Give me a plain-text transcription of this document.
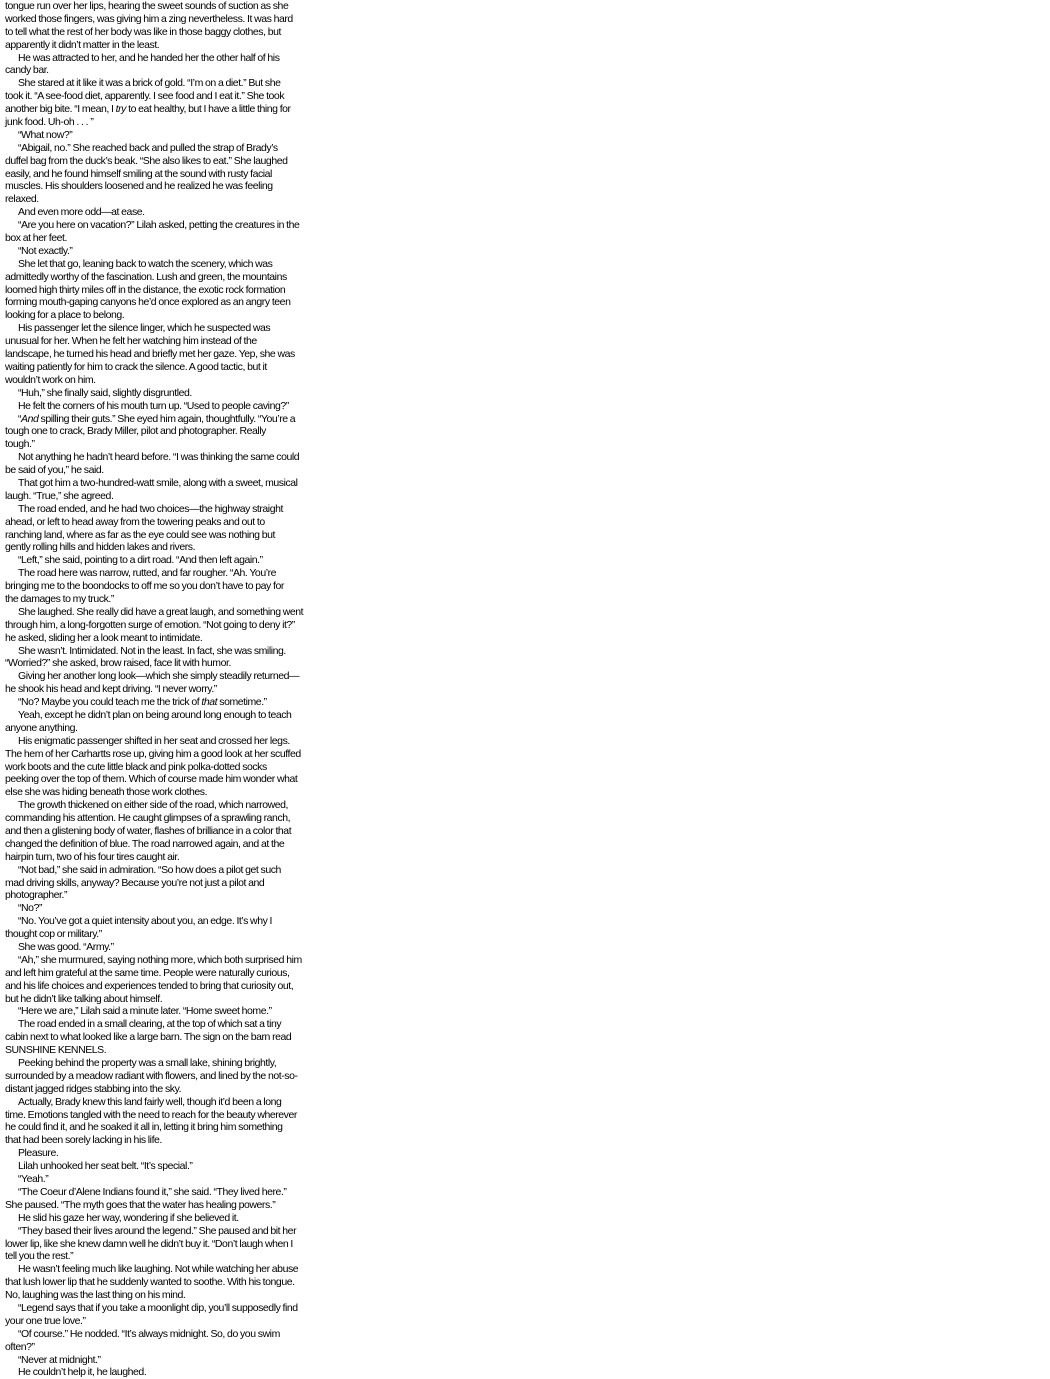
tongue run over her lips, hearing the sweet sounds of suction as she
worked those fingers, was giving him a zing nevertheless. It was hard
to tell what the rest of her body was like in those baggy clothes, but
apparently it didn’t matter in the least.
He was attracted to her, and he handed her the other half of his
candy bar.
She stared at it like it was a brick of gold. “I’m on a diet.” But she
took it. “A see-food diet, apparently. I see food and I eat it.” She took
another big bite. “I mean, I try to eat healthy, but I have a little thing for
junk food. Uh-oh . . . ”
“What now?”
“Abigail, no.” She reached back and pulled the strap of Brady’s
duffel bag from the duck’s beak. “She also likes to eat.” She laughed
easily, and he found himself smiling at the sound with rusty facial
muscles. His shoulders loosened and he realized he was feeling
relaxed.
And even more odd—at ease.
“Are you here on vacation?” Lilah asked, petting the creatures in the
box at her feet.
“Not exactly.”
She let that go, leaning back to watch the scenery, which was
admittedly worthy of the fascination. Lush and green, the mountains
loomed high thirty miles off in the distance, the exotic rock formation
forming mouth-gaping canyons he’d once explored as an angry teen
looking for a place to belong.
His passenger let the silence linger, which he suspected was
unusual for her. When he felt her watching him instead of the
landscape, he turned his head and briefly met her gaze. Yep, she was
waiting patiently for him to crack the silence. A good tactic, but it
wouldn’t work on him.
“Huh,” she finally said, slightly disgruntled.
He felt the corners of his mouth turn up. “Used to people caving?”
“And spilling their guts.” She eyed him again, thoughtfully. “You’re a
tough one to crack, Brady Miller, pilot and photographer. Really
tough.”
Not anything he hadn’t heard before. “I was thinking the same could
be said of you,” he said.
That got him a two-hundred-watt smile, along with a sweet, musical
laugh. “True,” she agreed.
The road ended, and he had two choices—the highway straight
ahead, or left to head away from the towering peaks and out to
ranching land, where as far as the eye could see was nothing but
gently rolling hills and hidden lakes and rivers.
“Left,” she said, pointing to a dirt road. “And then left again.”
The road here was narrow, rutted, and far rougher. “Ah. You’re
bringing me to the boondocks to off me so you don’t have to pay for
the damages to my truck.”
She laughed. She really did have a great laugh, and something went
through him, a long-forgotten surge of emotion. “Not going to deny it?”
he asked, sliding her a look meant to intimidate.
She wasn’t. Intimidated. Not in the least. In fact, she was smiling.
“Worried?” she asked, brow raised, face lit with humor.
Giving her another long look—which she simply steadily returned—
he shook his head and kept driving. “I never worry.”
“No? Maybe you could teach me the trick of that sometime.”
Yeah, except he didn’t plan on being around long enough to teach
anyone anything.
His enigmatic passenger shifted in her seat and crossed her legs.
The hem of her Carhartts rose up, giving him a good look at her scuffed
work boots and the cute little black and pink polka-dotted socks
peeking over the top of them. Which of course made him wonder what
else she was hiding beneath those work clothes.
The growth thickened on either side of the road, which narrowed,
commanding his attention. He caught glimpses of a sprawling ranch,
and then a glistening body of water, flashes of brilliance in a color that
changed the definition of blue. The road narrowed again, and at the
hairpin turn, two of his four tires caught air.
“Not bad,” she said in admiration. “So how does a pilot get such
mad driving skills, anyway? Because you’re not just a pilot and
photographer.”
“No?”
“No. You’ve got a quiet intensity about you, an edge. It’s why I
thought cop or military.”
She was good. “Army.”
“Ah,” she murmured, saying nothing more, which both surprised him
and left him grateful at the same time. People were naturally curious,
and his life choices and experiences tended to bring that curiosity out,
but he didn’t like talking about himself.
“Here we are,” Lilah said a minute later. “Home sweet home.”
The road ended in a small clearing, at the top of which sat a tiny
cabin next to what looked like a large barn. The sign on the barn read
SUNSHINE KENNELS.
Peeking behind the property was a small lake, shining brightly,
surrounded by a meadow radiant with flowers, and lined by the not-so-
distant jagged ridges stabbing into the sky.
Actually, Brady knew this land fairly well, though it’d been a long
time. Emotions tangled with the need to reach for the beauty wherever
he could find it, and he soaked it all in, letting it bring him something
that had been sorely lacking in his life.
Pleasure.
Lilah unhooked her seat belt. “It’s special.”
“Yeah.”
“The Coeur d’Alene Indians found it,” she said. “They lived here.”
She paused. “The myth goes that the water has healing powers.”
He slid his gaze her way, wondering if she believed it.
“They based their lives around the legend.” She paused and bit her
lower lip, like she knew damn well he didn’t buy it. “Don’t laugh when I
tell you the rest.”
He wasn’t feeling much like laughing. Not while watching her abuse
that lush lower lip that he suddenly wanted to soothe. With his tongue.
No, laughing was the last thing on his mind.
“Legend says that if you take a moonlight dip, you’ll supposedly find
your one true love.”
“Of course.” He nodded. “It’s always midnight. So, do you swim
often?”
“Never at midnight.”
He couldn’t help it, he laughed.
